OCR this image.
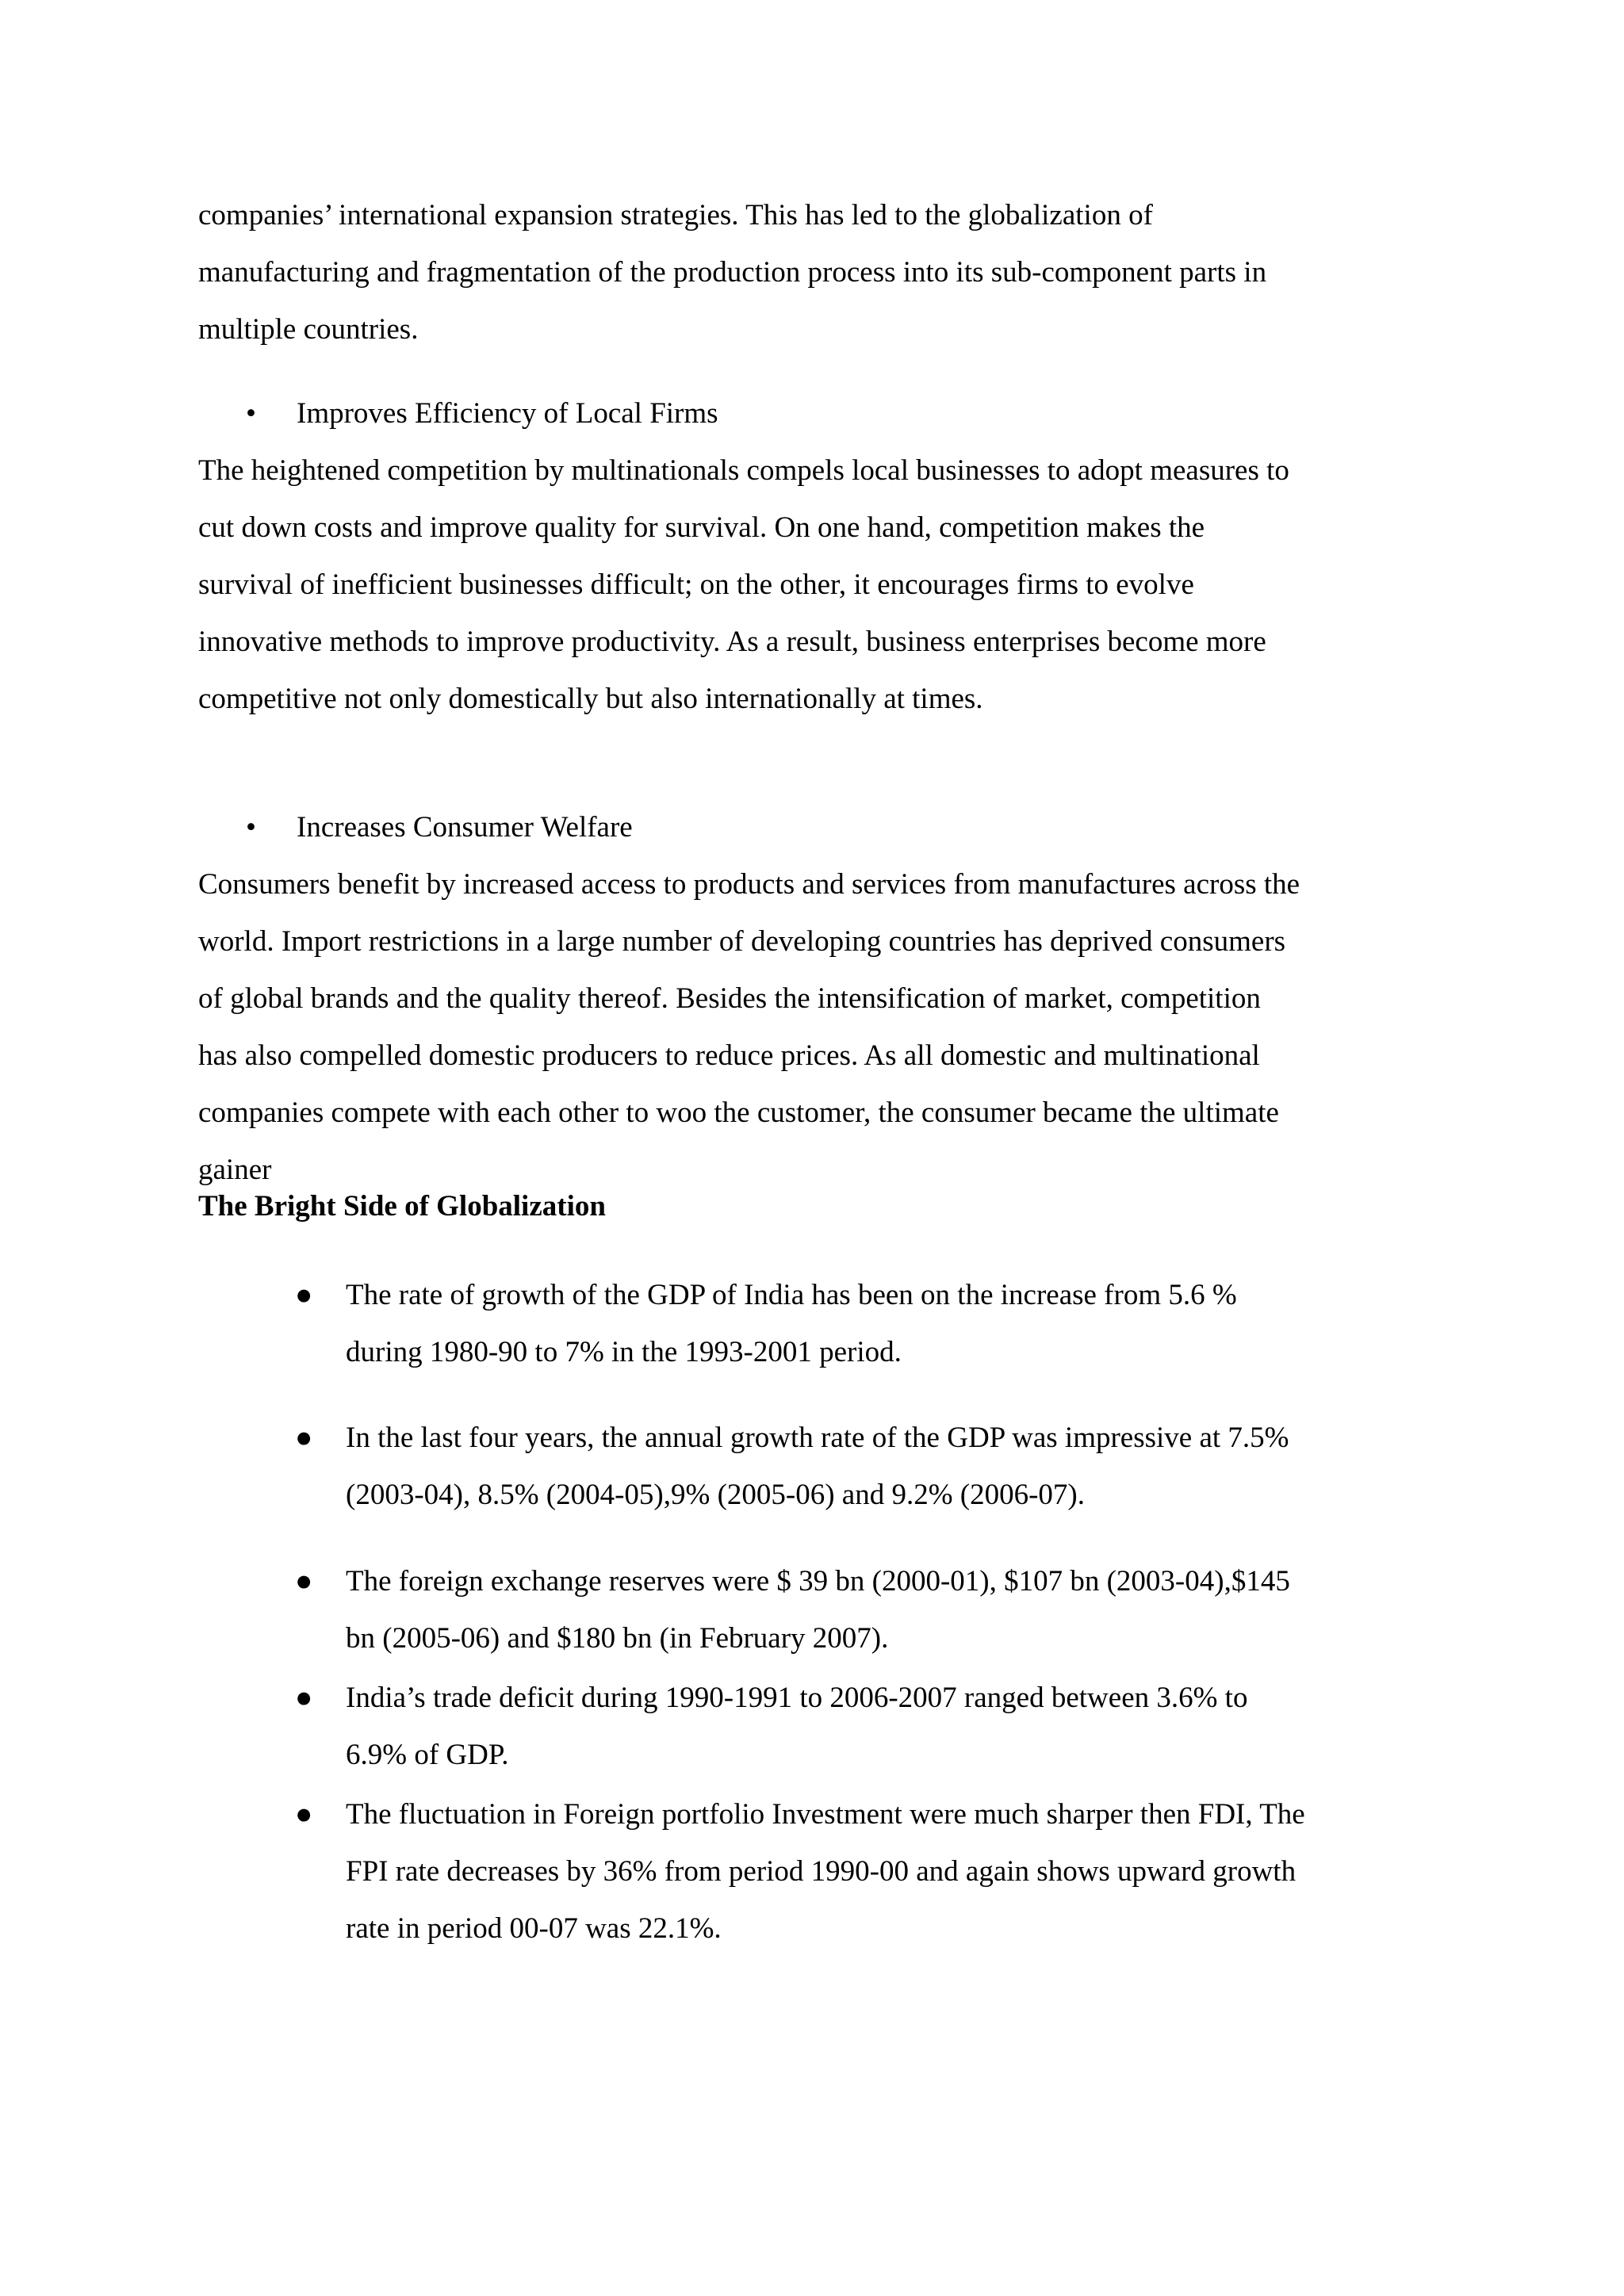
companies’ international expansion strategies. This has led to the globalization of
manufacturing and fragmentation of the production process into its sub-component parts in
multiple countries.
• Improves Efficiency of Local Firms
The heightened competition by multinationals compels local businesses to adopt measures to
cut down costs and improve quality for survival. On one hand, competition makes the
survival of inefficient businesses difficult; on the other, it encourages firms to evolve
innovative methods to improve productivity. As a result, business enterprises become more
competitive not only domestically but also internationally at times.
• Increases Consumer Welfare
Consumers benefit by increased access to products and services from manufactures across the
world. Import restrictions in a large number of developing countries has deprived consumers
of global brands and the quality thereof. Besides the intensification of market, competition
has also compelled domestic producers to reduce prices. As all domestic and multinational
companies compete with each other to woo the customer, the consumer became the ultimate
gainer
The Bright Side of Globalization
● The rate of growth of the GDP of India has been on the increase from 5.6 %
during 1980-90 to 7% in the 1993-2001 period.
● In the last four years, the annual growth rate of the GDP was impressive at 7.5%
(2003-04), 8.5% (2004-05),9% (2005-06) and 9.2% (2006-07).
● The foreign exchange reserves were $ 39 bn (2000-01), $107 bn (2003-04),$145
bn (2005-06) and $180 bn (in February 2007).
● India’s trade deficit during 1990-1991 to 2006-2007 ranged between 3.6% to
6.9% of GDP.
● The fluctuation in Foreign portfolio Investment were much sharper then FDI, The
FPI rate decreases by 36% from period 1990-00 and again shows upward growth
rate in period 00-07 was 22.1%.
